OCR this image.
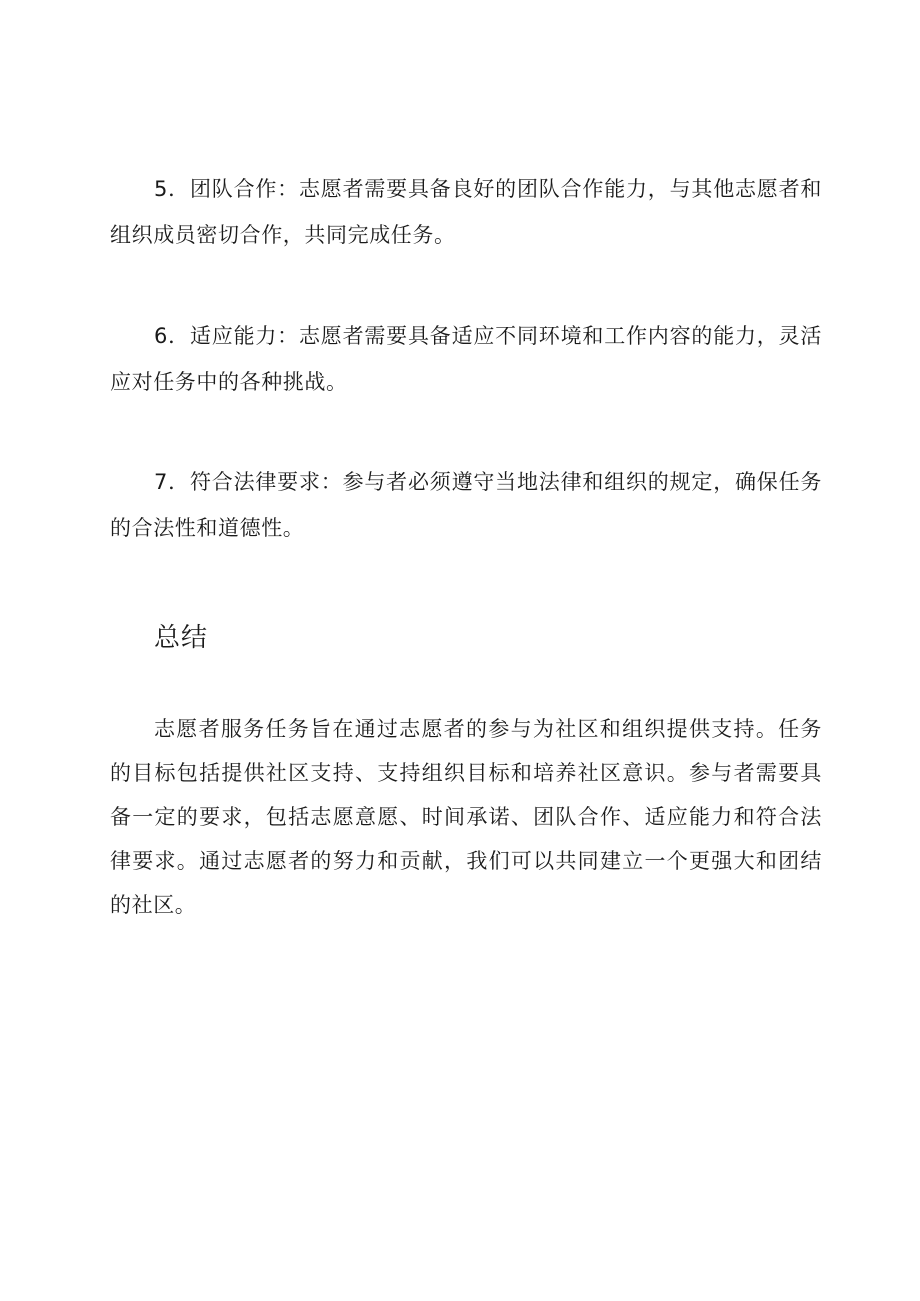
5．团队合作：志愿者需要具备良好的团队合作能力，与其他志愿者和组织成员密切合作，共同完成任务。

6．适应能力：志愿者需要具备适应不同环境和工作内容的能力，灵活应对任务中的各种挑战。

7．符合法律要求：参与者必须遵守当地法律和组织的规定，确保任务的合法性和道德性。

总结

志愿者服务任务旨在通过志愿者的参与为社区和组织提供支持。任务的目标包括提供社区支持、支持组织目标和培养社区意识。参与者需要具备一定的要求，包括志愿意愿、时间承诺、团队合作、适应能力和符合法律要求。通过志愿者的努力和贡献，我们可以共同建立一个更强大和团结的社区。
